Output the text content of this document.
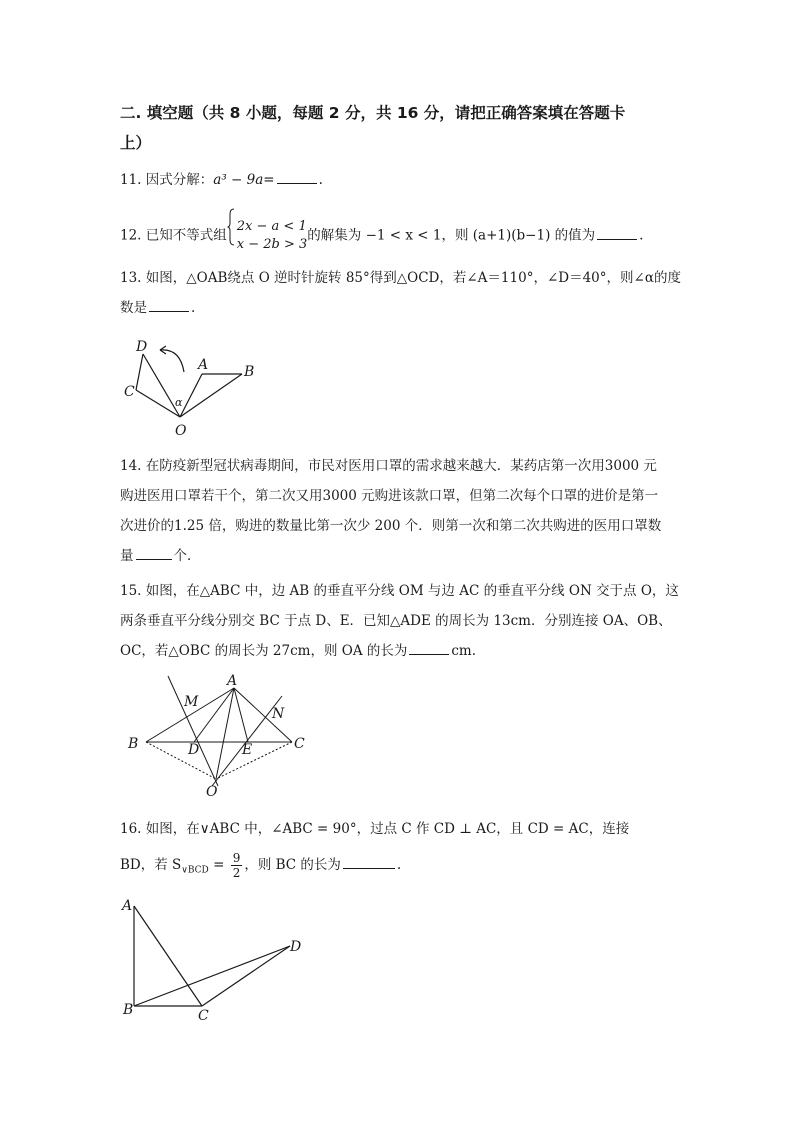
二. 填空题（共 8 小题，每题 2 分，共 16 分，请把正确答案填在答题卡
上）
11. 因式分解：a³ − 9a=	.
12. 已知不等式组
2x − a < 1
x − 2b > 3
的解集为 −1 < x < 1，则 (a+1)(b−1) 的值为	.
13. 如图，△OAB绕点 O 逆时针旋转 85°得到△OCD，若∠A＝110°，∠D＝40°，则∠α的度
数是	.
D
A	B
C
α
O
14. 在防疫新型冠状病毒期间，市民对医用口罩的需求越来越大．某药店第一次用3000 元
购进医用口罩若干个，第二次又用3000 元购进该款口罩，但第二次每个口罩的进价是第一
次进价的1.25 倍，购进的数量比第一次少 200 个．则第一次和第二次共购进的医用口罩数
量	个．
15. 如图，在△ABC 中，边 AB 的垂直平分线 OM 与边 AC 的垂直平分线 ON 交于点 O，这
两条垂直平分线分别交 BC 于点 D、E．已知△ADE 的周长为 13cm．分别连接 OA、OB、
OC，若△OBC 的周长为 27cm，则 OA 的长为	cm.
A
M
N
B	D	E	C
O
16. 如图，在∨ABC 中，∠ABC = 90°，过点 C 作 CD ⊥ AC，且 CD = AC，连接
BD，若 $S_{\vee BCD} = \frac{9}{2}$ ，则 BC 的长为	.
A
D
B	C
